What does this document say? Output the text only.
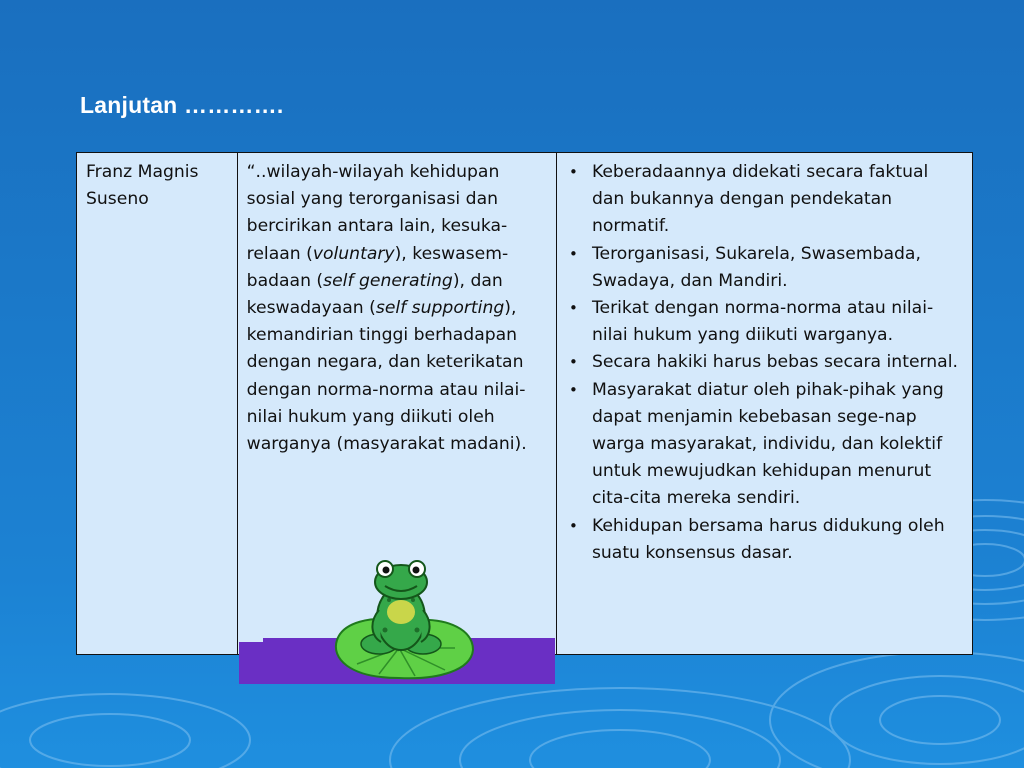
Lanjutan ………….
Franz Magnis Suseno
“..wilayah-wilayah kehidupan sosial yang terorganisasi dan bercirikan antara lain, kesuka-relaan (voluntary), keswasem-badaan (self generating), dan keswadayaan (self supporting), kemandirian tinggi berhadapan dengan negara, dan keterikatan dengan norma-norma atau nilai-nilai hukum yang diikuti oleh warganya (masyarakat madani).
• Keberadaannya didekati secara faktual dan bukannya dengan pendekatan normatif.
• Terorganisasi, Sukarela, Swasembada, Swadaya, dan Mandiri.
• Terikat dengan norma-norma atau nilai-nilai hukum yang diikuti warganya.
• Secara hakiki harus bebas secara internal.
• Masyarakat diatur oleh pihak-pihak yang dapat menjamin kebebasan sege-nap warga masyarakat, individu, dan kolektif untuk mewujudkan kehidupan menurut cita-cita mereka sendiri.
• Kehidupan bersama harus didukung oleh suatu konsensus dasar.
